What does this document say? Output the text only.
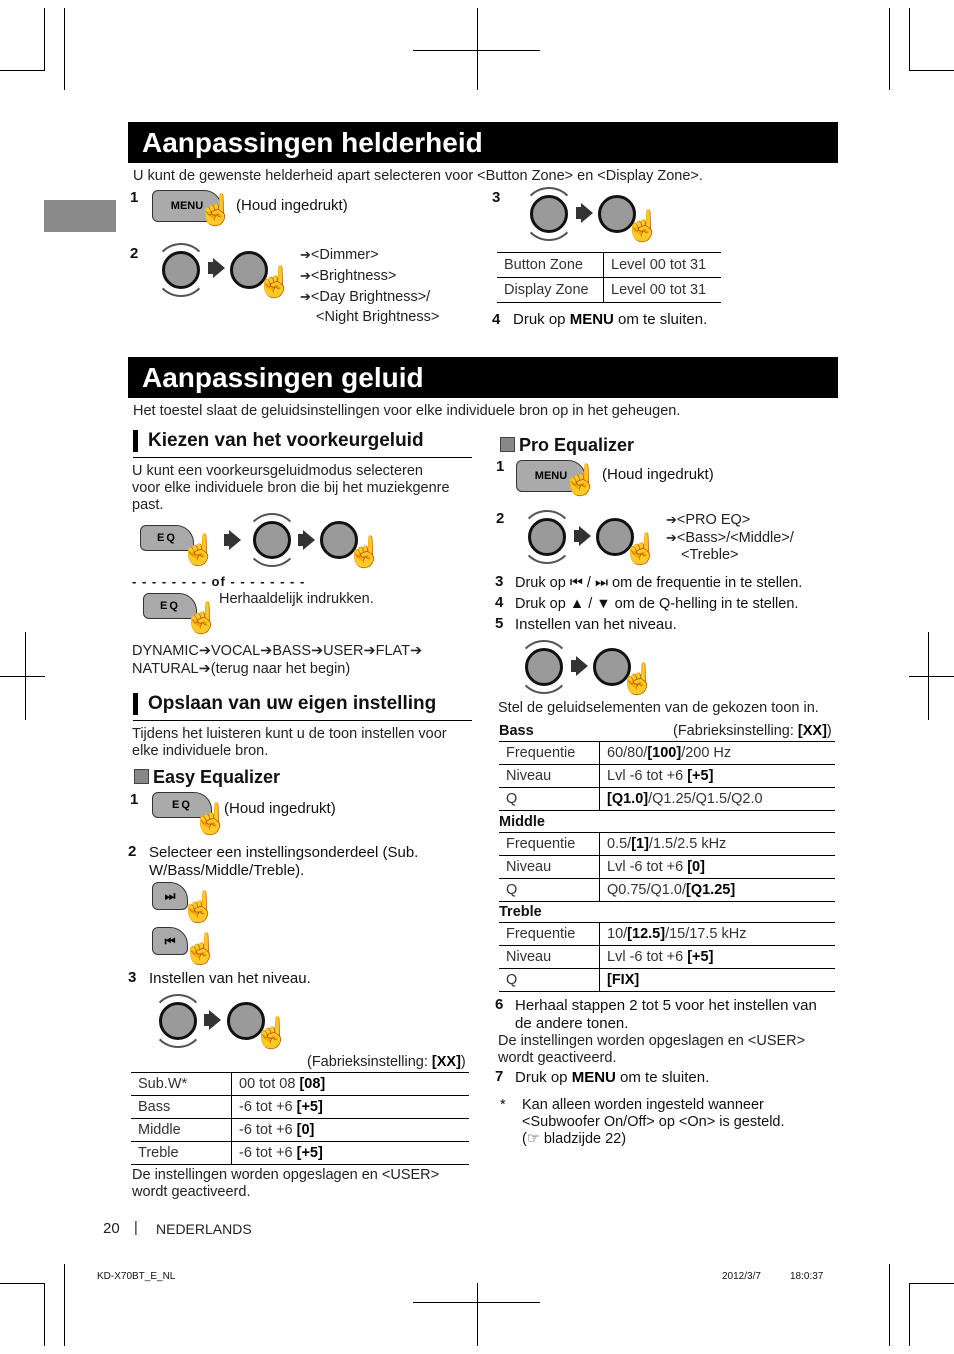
Aanpassingen helderheid
U kunt de gewenste helderheid apart selecteren voor <Button Zone> en <Display Zone>.
1	MENU
☝ (Houd ingedrukt)
2
☝
➔<Dimmer>
➔<Brightness>
➔<Day Brightness>/
<Night Brightness>
3
☝
Button Zone	Level 00 tot 31
Display Zone	Level 00 tot 31
4 Druk op MENU om te sluiten.
Aanpassingen geluid
Het toestel slaat de geluidsinstellingen voor elke individuele bron op in het geheugen.
Kiezen van het voorkeurgeluid
U kunt een voorkeursgeluidmodus selecteren voor elke individuele bron die bij het muziekgenre past.
EQ ☝	☝
- - - - - - - - of - - - - - - - -
EQ ☝
Herhaaldelijk indrukken.
DYNAMIC➔VOCAL➔BASS➔USER➔FLAT➔
NATURAL➔(terug naar het begin)
Opslaan van uw eigen instelling
Tijdens het luisteren kunt u de toon instellen voor elke individuele bron.
Easy Equalizer
1	EQ ☝
(Houd ingedrukt)
2 Selecteer een instellingsonderdeel (Sub. W/Bass/Middle/Treble).
⏭ ☝
⏮ ☝
3 Instellen van het niveau.
☝
(Fabrieksinstelling: [XX])
Sub.W*	00 tot 08 [08]
Bass	-6 tot +6 [+5]
Middle	-6 tot +6 [0]
Treble	-6 tot +6 [+5]
De instellingen worden opgeslagen en <USER> wordt geactiveerd.
Pro Equalizer
1
MENU
☝ (Houd ingedrukt)
2
☝
➔<PRO EQ>
➔<Bass>/<Middle>/
<Treble>
3 Druk op ⏮ / ⏭ om de frequentie in te stellen.
4 Druk op ▲ / ▼ om de Q-helling in te stellen.
5 Instellen van het niveau.
☝
Stel de geluidselementen van de gekozen toon in.
Bass	(Fabrieksinstelling: [XX])
Frequentie	60/80/[100]/200 Hz
Niveau	Lvl -6 tot +6 [+5]
Q	[Q1.0]/Q1.25/Q1.5/Q2.0
Middle
Frequentie	0.5/[1]/1.5/2.5 kHz
Niveau	Lvl -6 tot +6 [0]
Q	Q0.75/Q1.0/[Q1.25]
Treble
Frequentie	10/[12.5]/15/17.5 kHz
Niveau	Lvl -6 tot +6 [+5]
Q	[FIX]
6 Herhaal stappen 2 tot 5 voor het instellen van de andere tonen.
De instellingen worden opgeslagen en <USER> wordt geactiveerd.
7 Druk op MENU om te sluiten.
* Kan alleen worden ingesteld wanneer
<Subwoofer On/Off> op <On> is gesteld.
(☞ bladzijde 22)
20 | NEDERLANDS
KD-X70BT_E_NL	2012/3/7	18:0:37
